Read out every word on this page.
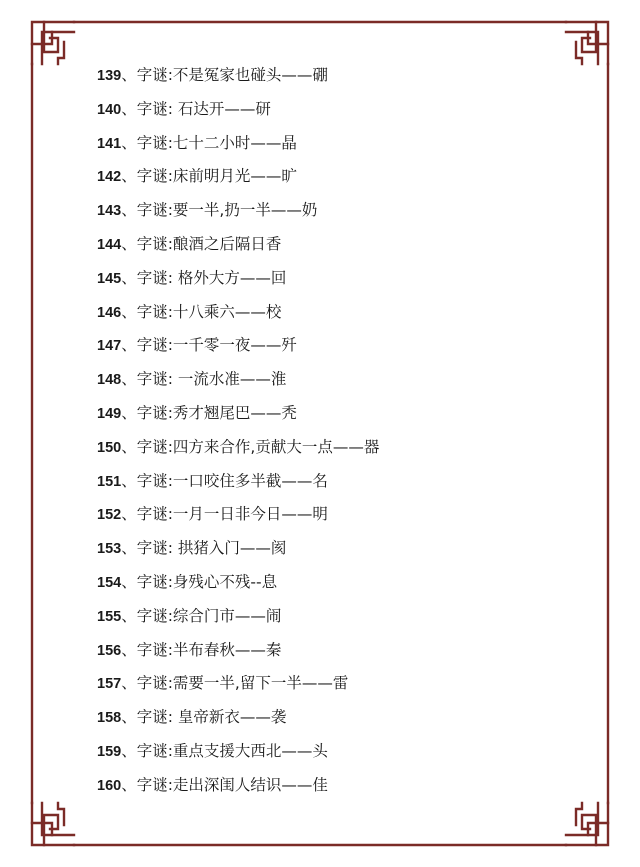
139、字谜:不是冤家也碰头——硼
140、字谜: 石达开——研
141、字谜:七十二小时——晶
142、字谜:床前明月光——旷
143、字谜:要一半,扔一半——奶
144、字谜:酿酒之后隔日香
145、字谜: 格外大方——回
146、字谜:十八乘六——校
147、字谜:一千零一夜——歼
148、字谜: 一流水准——淮
149、字谜:秀才翘尾巴——秃
150、字谜:四方来合作,贡献大一点——器
151、字谜:一口咬住多半截——名
152、字谜:一月一日非今日——明
153、字谜: 拱猪入门——阂
154、字谜:身残心不残--息
155、字谜:综合门市——闹
156、字谜:半布春秋——秦
157、字谜:需要一半,留下一半——雷
158、字谜: 皇帝新衣——袭
159、字谜:重点支援大西北——头
160、字谜:走出深闺人结识——佳
